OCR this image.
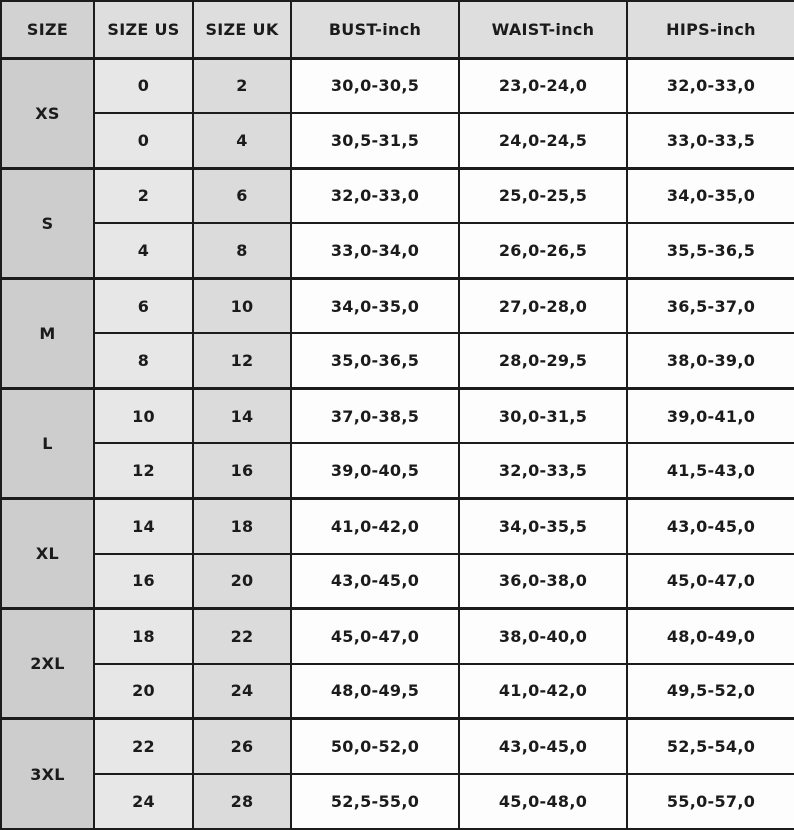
SIZE	SIZE US	SIZE UK	BUST-inch	WAIST-inch	HIPS-inch
XS	0	2	30,0-30,5	23,0-24,0	32,0-33,0
	0	4	30,5-31,5	24,0-24,5	33,0-33,5
S	2	6	32,0-33,0	25,0-25,5	34,0-35,0
	4	8	33,0-34,0	26,0-26,5	35,5-36,5
M	6	10	34,0-35,0	27,0-28,0	36,5-37,0
	8	12	35,0-36,5	28,0-29,5	38,0-39,0
L	10	14	37,0-38,5	30,0-31,5	39,0-41,0
	12	16	39,0-40,5	32,0-33,5	41,5-43,0
XL	14	18	41,0-42,0	34,0-35,5	43,0-45,0
	16	20	43,0-45,0	36,0-38,0	45,0-47,0
2XL	18	22	45,0-47,0	38,0-40,0	48,0-49,0
	20	24	48,0-49,5	41,0-42,0	49,5-52,0
3XL	22	26	50,0-52,0	43,0-45,0	52,5-54,0
	24	28	52,5-55,0	45,0-48,0	55,0-57,0
